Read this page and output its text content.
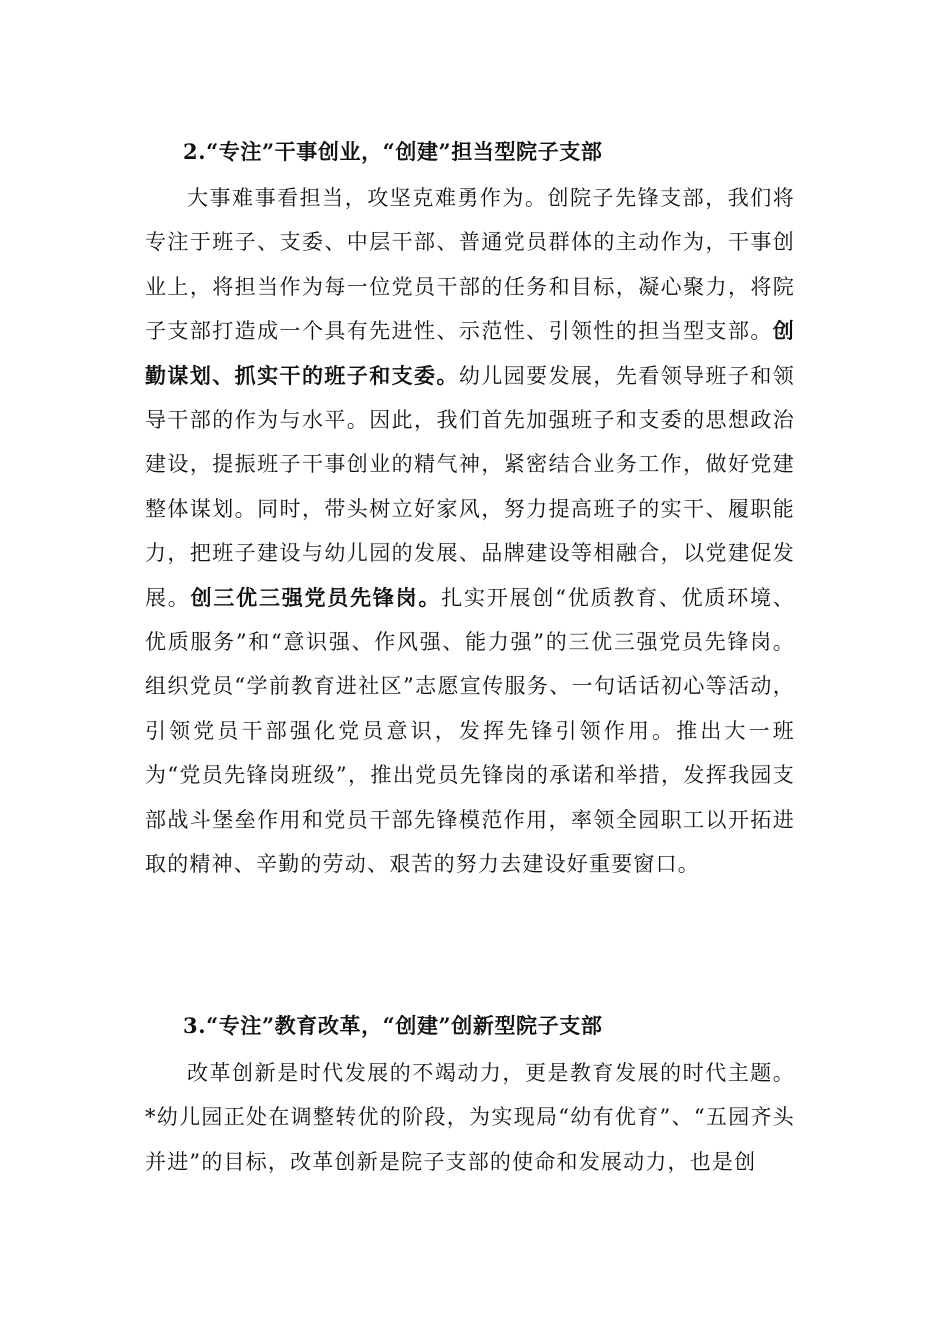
2.“专注”干事创业，“创建”担当型院子支部

大事难事看担当，攻坚克难勇作为。创院子先锋支部，我们将专注于班子、支委、中层干部、普通党员群体的主动作为，干事创业上，将担当作为每一位党员干部的任务和目标，凝心聚力，将院子支部打造成一个具有先进性、示范性、引领性的担当型支部。创勤谋划、抓实干的班子和支委。幼儿园要发展，先看领导班子和领导干部的作为与水平。因此，我们首先加强班子和支委的思想政治建设，提振班子干事创业的精气神，紧密结合业务工作，做好党建整体谋划。同时，带头树立好家风，努力提高班子的实干、履职能力，把班子建设与幼儿园的发展、品牌建设等相融合，以党建促发展。创三优三强党员先锋岗。扎实开展创“优质教育、优质环境、优质服务”和“意识强、作风强、能力强”的三优三强党员先锋岗。组织党员“学前教育进社区”志愿宣传服务、一句话话初心等活动，引领党员干部强化党员意识，发挥先锋引领作用。推出大一班为“党员先锋岗班级”，推出党员先锋岗的承诺和举措，发挥我园支部战斗堡垒作用和党员干部先锋模范作用，率领全园职工以开拓进取的精神、辛勤的劳动、艰苦的努力去建设好重要窗口。

3.“专注”教育改革，“创建”创新型院子支部

改革创新是时代发展的不竭动力，更是教育发展的时代主题。*幼儿园正处在调整转优的阶段，为实现局“幼有优育”、“五园齐头并进”的目标，改革创新是院子支部的使命和发展动力，也是创
